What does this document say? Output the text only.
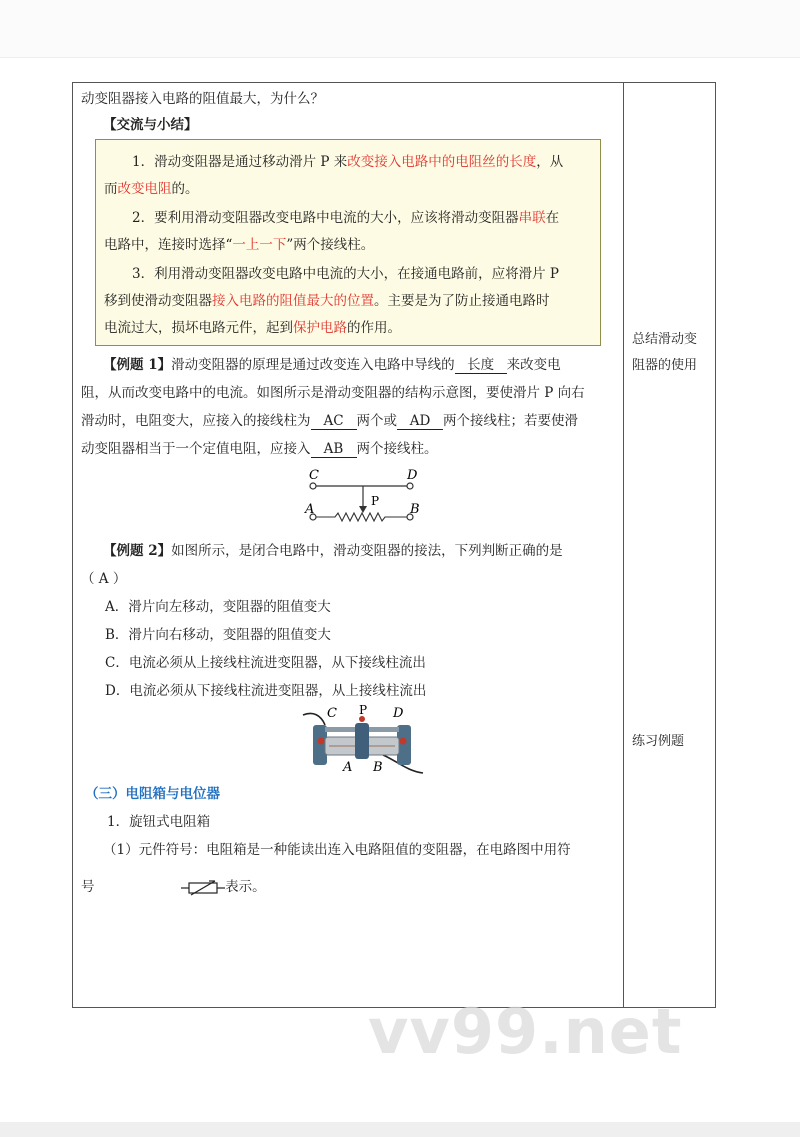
动变阻器接入电路的阻值最大，为什么？
【交流与小结】
1．滑动变阻器是通过移动滑片 P 来改变接入电路中的电阻丝的长度，从
而改变电阻的。
2．要利用滑动变阻器改变电路中电流的大小，应该将滑动变阻器串联在
电路中，连接时选择“一上一下”两个接线柱。
3．利用滑动变阻器改变电路中电流的大小，在接通电路前，应将滑片 P
移到使滑动变阻器接入电路的阻值最大的位置。主要是为了防止接通电路时
电流过大，损坏电路元件，起到保护电路的作用。
【例题 1】滑动变阻器的原理是通过改变连入电路中导线的 长度 来改变电
阻，从而改变电路中的电流。如图所示是滑动变阻器的结构示意图，要使滑片 P 向右
滑动时，电阻变大，应接入的接线柱为 AC 两个或 AD 两个接线柱；若要使滑
动变阻器相当于一个定值电阻，应接入 AB 两个接线柱。
C	D
P
A	B
【例题 2】如图所示，是闭合电路中，滑动变阻器的接法，下列判断正确的是
（ A ）
A．滑片向左移动，变阻器的阻值变大
B．滑片向右移动，变阻器的阻值变大
C．电流必须从上接线柱流进变阻器，从下接线柱流出
D．电流必须从下接线柱流进变阻器，从上接线柱流出
C P D
A B
（三）电阻箱与电位器
1．旋钮式电阻箱
（1）元件符号：电阻箱是一种能读出连入电路阻值的变阻器，在电路图中用符
号	表示。
总结滑动变
阻器的使用
练习例题
vv99.net
